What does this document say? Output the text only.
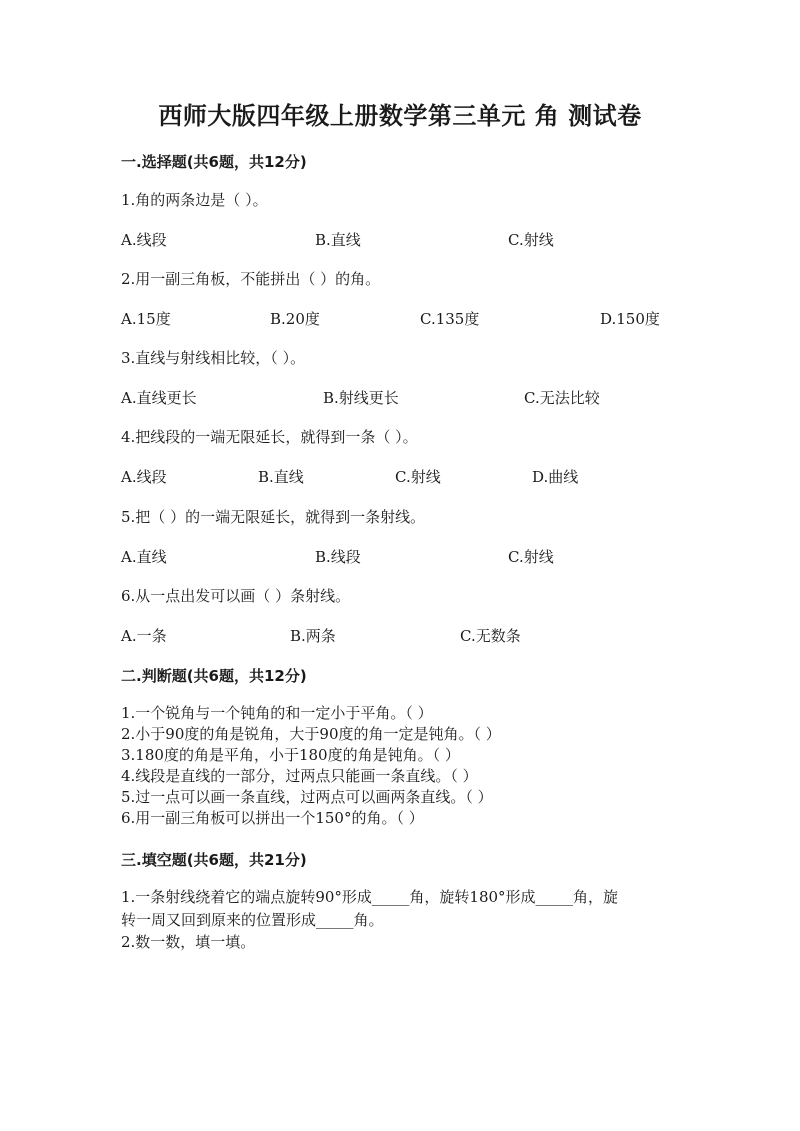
西师大版四年级上册数学第三单元 角 测试卷
一.选择题(共6题，共12分)
1.角的两条边是（ ）。
A.线段	B.直线	C.射线
2.用一副三角板，不能拼出（ ）的角。
A.15度	B.20度	C.135度	D.150度
3.直线与射线相比较，（ ）。
A.直线更长	B.射线更长	C.无法比较
4.把线段的一端无限延长，就得到一条（ ）。
A.线段	B.直线	C.射线	D.曲线
5.把（ ）的一端无限延长，就得到一条射线。
A.直线	B.线段	C.射线
6.从一点出发可以画（ ）条射线。
A.一条	B.两条	C.无数条
二.判断题(共6题，共12分)
1.一个锐角与一个钝角的和一定小于平角。（ ）
2.小于90度的角是锐角，大于90度的角一定是钝角。（ ）
3.180度的角是平角，小于180度的角是钝角。（ ）
4.线段是直线的一部分，过两点只能画一条直线。（ ）
5.过一点可以画一条直线，过两点可以画两条直线。（ ）
6.用一副三角板可以拼出一个150°的角。（ ）
三.填空题(共6题，共21分)
1.一条射线绕着它的端点旋转90°形成_____角，旋转180°形成_____角，旋
转一周又回到原来的位置形成_____角。
2.数一数，填一填。
